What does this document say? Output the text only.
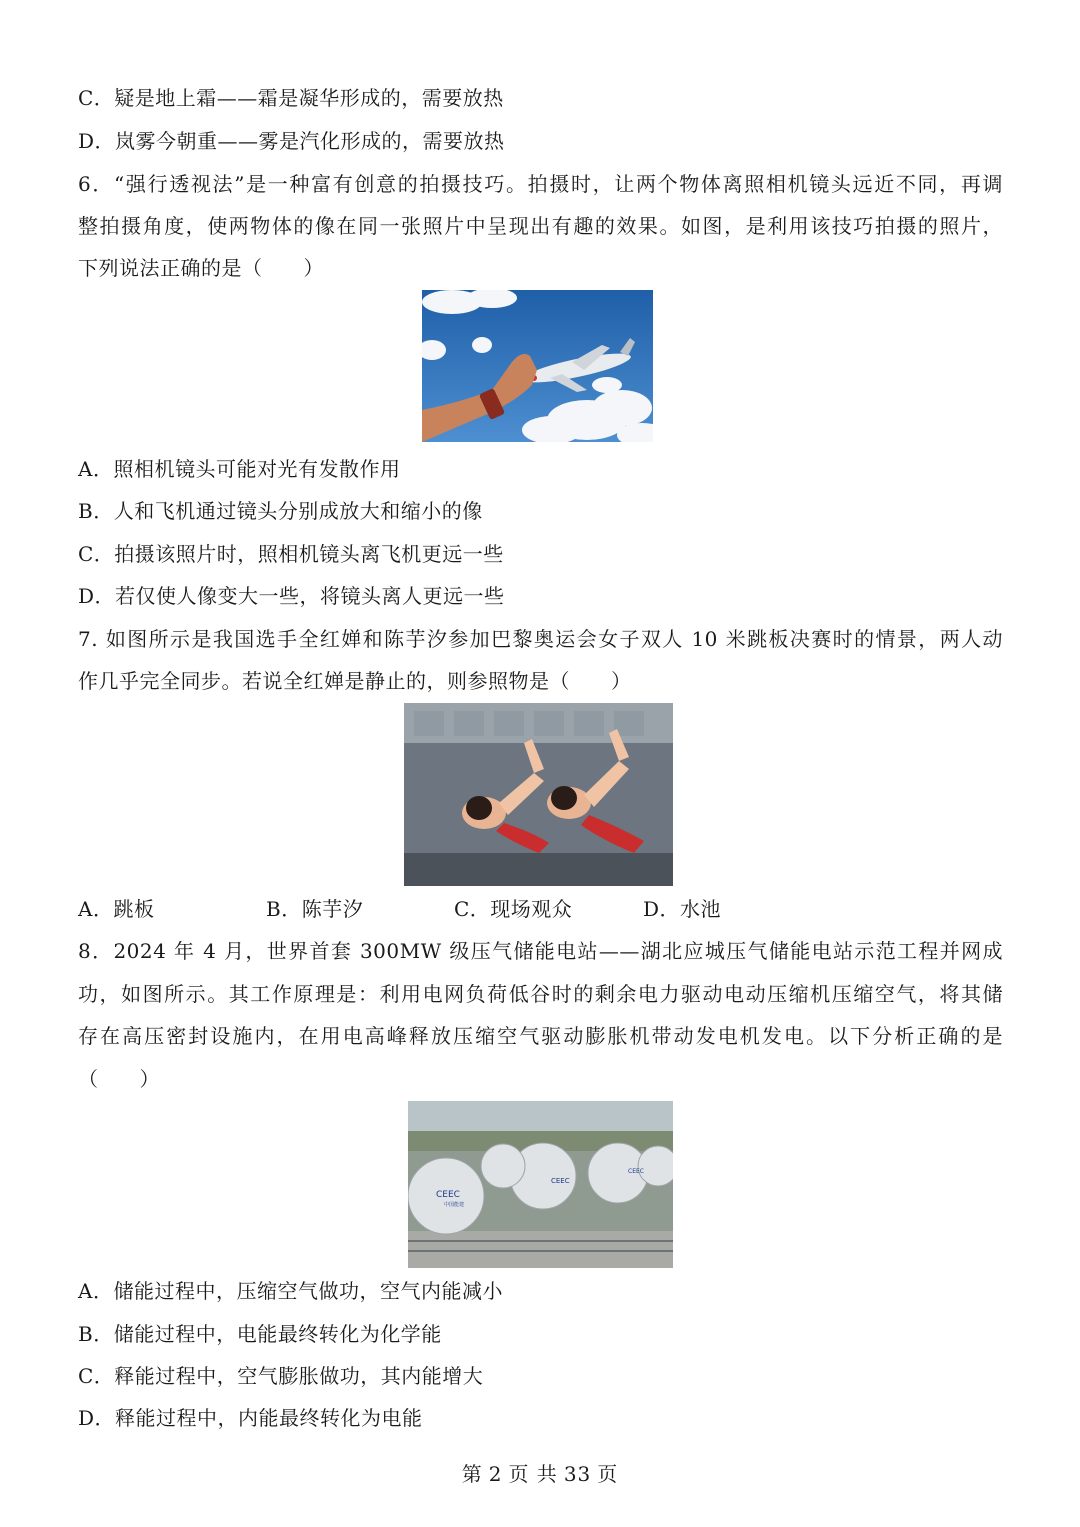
C．疑是地上霜——霜是凝华形成的，需要放热
D．岚雾今朝重——雾是汽化形成的，需要放热
6．“强行透视法”是一种富有创意的拍摄技巧。拍摄时，让两个物体离照相机镜头远近不同，再调
整拍摄角度，使两物体的像在同一张照片中呈现出有趣的效果。如图，是利用该技巧拍摄的照片，
下列说法正确的是（　　）
A．照相机镜头可能对光有发散作用
B．人和飞机通过镜头分别成放大和缩小的像
C．拍摄该照片时，照相机镜头离飞机更远一些
D．若仅使人像变大一些，将镜头离人更远一些
7. 如图所示是我国选手全红婵和陈芋汐参加巴黎奥运会女子双人 10 米跳板决赛时的情景，两人动
作几乎完全同步。若说全红婵是静止的，则参照物是（　　）
A．跳板	B．陈芋汐	C．现场观众	D．水池
8．2024 年 4 月，世界首套 300MW 级压气储能电站——湖北应城压气储能电站示范工程并网成
功，如图所示。其工作原理是：利用电网负荷低谷时的剩余电力驱动电动压缩机压缩空气，将其储
存在高压密封设施内，在用电高峰释放压缩空气驱动膨胀机带动发电机发电。以下分析正确的是
（　　）
CEEC
中国能建
CEEC
CEEC
A．储能过程中，压缩空气做功，空气内能减小
B．储能过程中，电能最终转化为化学能
C．释能过程中，空气膨胀做功，其内能增大
D．释能过程中，内能最终转化为电能
第 2 页 共 33 页
